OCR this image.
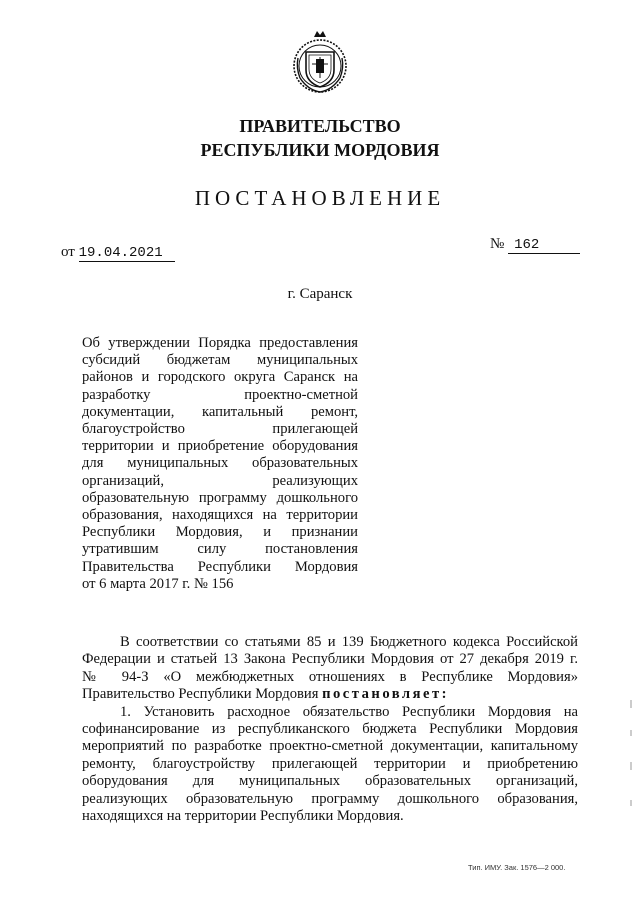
ПРАВИТЕЛЬСТВО
РЕСПУБЛИКИ МОРДОВИЯ
ПОСТАНОВЛЕНИЕ
от 19.04.2021
№ 162
г. Саранск
Об утверждении Порядка предоставления
субсидий бюджетам муниципальных
районов и городского округа Саранск на
разработку проектно-сметной
документации, капитальный ремонт,
благоустройство прилегающей
территории и приобретение оборудования
для муниципальных образовательных
организаций, реализующих
образовательную программу дошкольного
образования, находящихся на территории
Республики Мордовия, и признании
утратившим силу постановления
Правительства Республики Мордовия
от 6 марта 2017 г. № 156
В соответствии со статьями 85 и 139 Бюджетного кодекса Российской
Федерации и статьей 13 Закона Республики Мордовия от 27 декабря 2019 г.
№ 94-З «О межбюджетных отношениях в Республике Мордовия»
Правительство Республики Мордовия постановляет:
1. Установить расходное обязательство Республики Мордовия на
софинансирование из республиканского бюджета Республики Мордовия
мероприятий по разработке проектно-сметной документации, капитальному
ремонту, благоустройству прилегающей территории и приобретению
оборудования для муниципальных образовательных организаций,
реализующих образовательную программу дошкольного образования,
находящихся на территории Республики Мордовия.
Тип. ИМУ. Зак. 1576—2 000.
